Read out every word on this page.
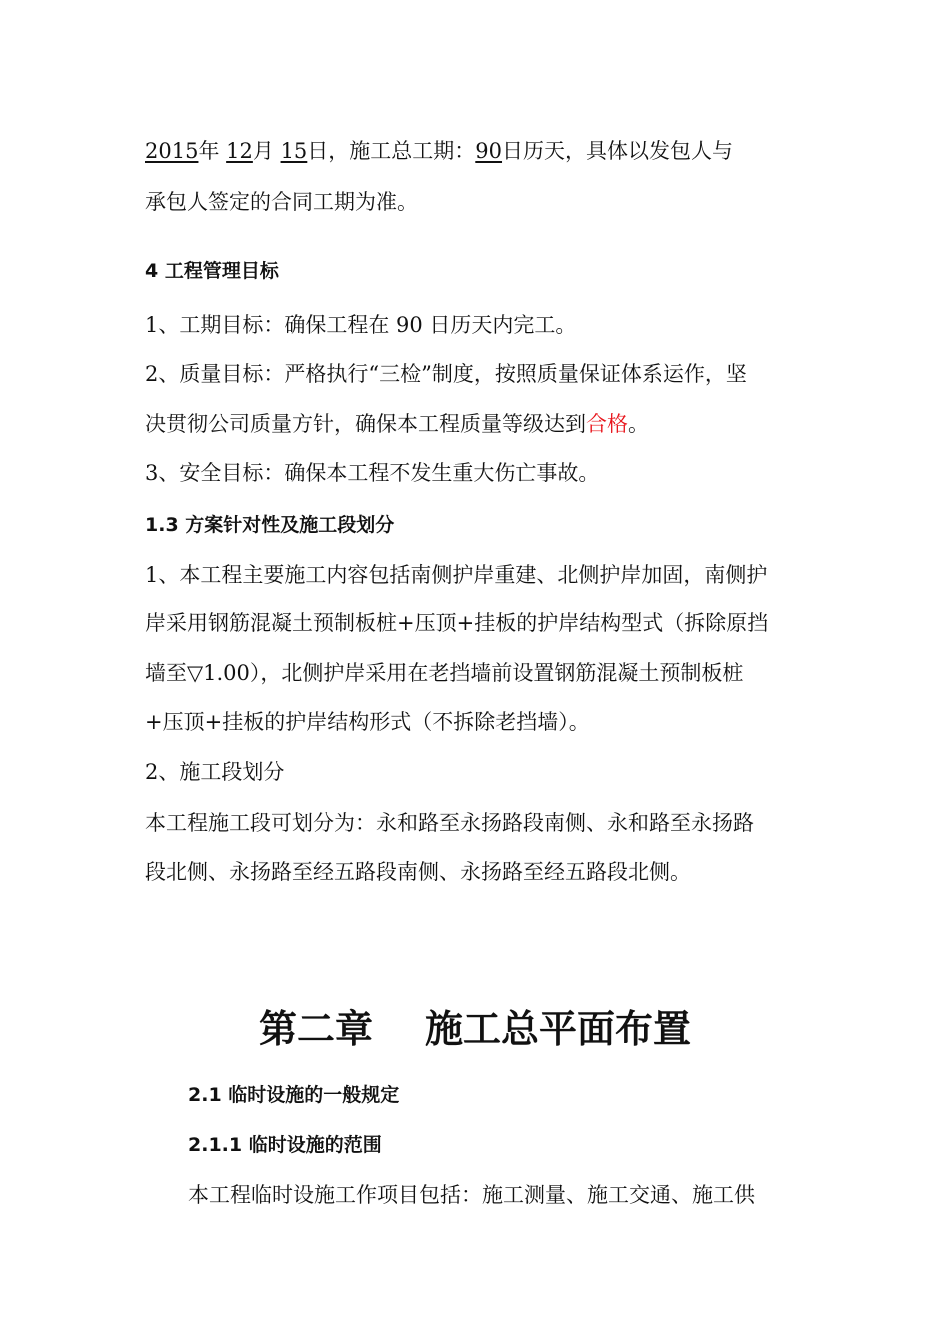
2015年 12月 15日，施工总工期：90日历天，具体以发包人与
承包人签定的合同工期为准。
4 工程管理目标
1、工期目标：确保工程在 90 日历天内完工。
2、质量目标：严格执行“三检”制度，按照质量保证体系运作，坚
决贯彻公司质量方针，确保本工程质量等级达到合格。
3、安全目标：确保本工程不发生重大伤亡事故。
1.3 方案针对性及施工段划分
1、本工程主要施工内容包括南侧护岸重建、北侧护岸加固，南侧护
岸采用钢筋混凝土预制板桩+压顶+挂板的护岸结构型式（拆除原挡
墙至▽1.00），北侧护岸采用在老挡墙前设置钢筋混凝土预制板桩
+压顶+挂板的护岸结构形式（不拆除老挡墙）。
2、施工段划分
本工程施工段可划分为：永和路至永扬路段南侧、永和路至永扬路
段北侧、永扬路至经五路段南侧、永扬路至经五路段北侧。
第二章 施工总平面布置
2.1 临时设施的一般规定
2.1.1 临时设施的范围
本工程临时设施工作项目包括：施工测量、施工交通、施工供
